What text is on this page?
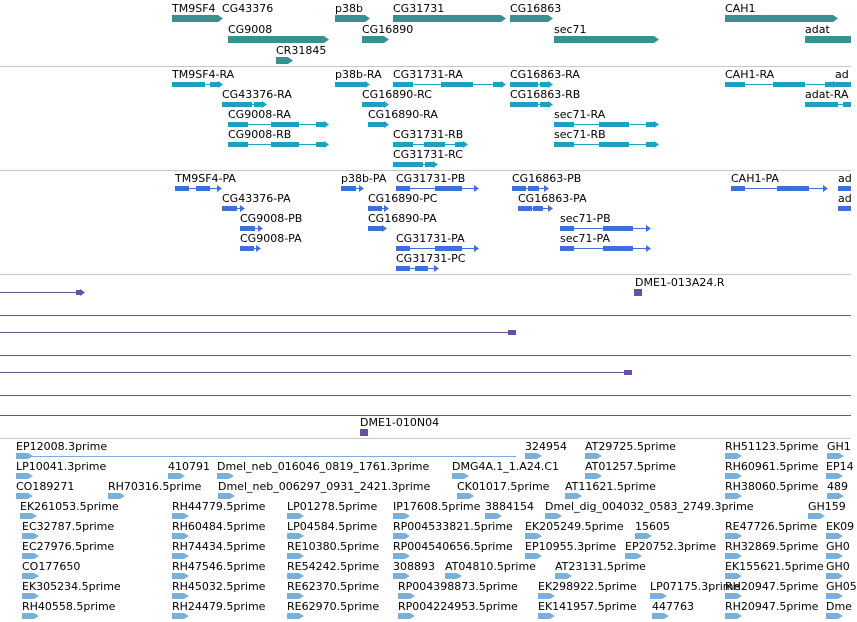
TM9SF4 CG43376
CG9008
CR31845
p38b
CG16890
CG31731	CG16863
sec71
CAH1
adat
TM9SF4-RA
CG43376-RA
CG9008-RA
CG9008-RB
p38b-RA
CG16890-RC
CG16890-RA
CG31731-RA
CG31731-RB
CG31731-RC
CG16863-RA
CG16863-RB
sec71-RA
sec71-RB
CAH1-RA	ad
adat-RA
TM9SF4-PA
CG43376-PA
CG9008-PB
CG9008-PA
p38b-PA CG31731-PB
CG16890-PC
CG16890-PA
CG31731-PA
CG31731-PC
CG16863-PB
CG16863-PA
sec71-PB
sec71-PA
CAH1-PA	ad
ad
DME1-013A24.R
DME1-010N04
EP12008.3prime	324954 AT29725.5prime	RH51123.5prime GH1
LP10041.3prime	410791 Dmel_neb_016046_0819_1761.3prime DMG4A.1_1.A24.C1 AT01257.5prime	RH60961.5prime EP14
CO189271	RH70316.5prime Dmel_neb_006297_0931_2421.3prime CK01017.5prime AT11621.5prime	RH38060.5prime 489
EK261053.5prime	RH44779.5prime LP01278.5prime IP17608.5prime 3884154 Dmel_dig_004032_0583_2749.3prime	GH159
EC32787.5prime	RH60484.5prime LP04584.5prime RP004533821.5prime EK205249.5prime 15605	RE47726.5prime EK09
EC27976.5prime	RH74434.5prime RE10380.5prime RP004540656.5prime EP10955.3prime EP20752.3prime RH32869.5prime GH0
CO177650	RH47546.5prime RE54242.5prime 308893 AT04810.5prime AT23131.5prime	EK155621.5prime GH0
EK305234.5prime	RH45032.5prime RE62370.5prime RP004398873.5prime EK298922.5prime LP07175.3prime
RH20947.5prime GH05
RH40558.5prime	RH24479.5prime RE62970.5prime RP004224953.5prime EK141957.5prime 447763	RH20947.5prime Dme
